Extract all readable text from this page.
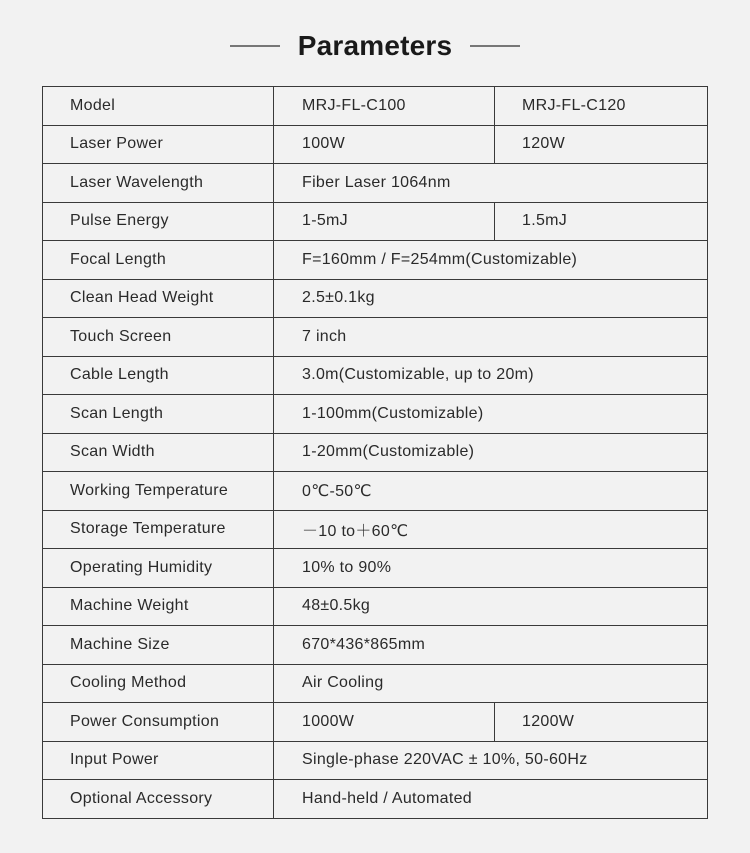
Parameters
Model	MRJ-FL-C100	MRJ-FL-C120
Laser Power	100W	120W
Laser Wavelength	Fiber Laser 1064nm	
Pulse Energy	1-5mJ	1.5mJ
Focal Length	F=160mm / F=254mm(Customizable)	
Clean Head Weight	2.5±0.1kg	
Touch Screen	7 inch	
Cable Length	3.0m(Customizable, up to 20m)	
Scan Length	1-100mm(Customizable)	
Scan Width	1-20mm(Customizable)	
Working Temperature	0℃-50℃	
Storage Temperature	－10 to＋60℃	
Operating Humidity	10% to 90%	
Machine Weight	48±0.5kg	
Machine Size	670*436*865mm	
Cooling Method	Air Cooling	
Power Consumption	1000W	1200W
Input Power	Single-phase 220VAC ± 10%, 50-60Hz	
Optional Accessory	Hand-held / Automated	
